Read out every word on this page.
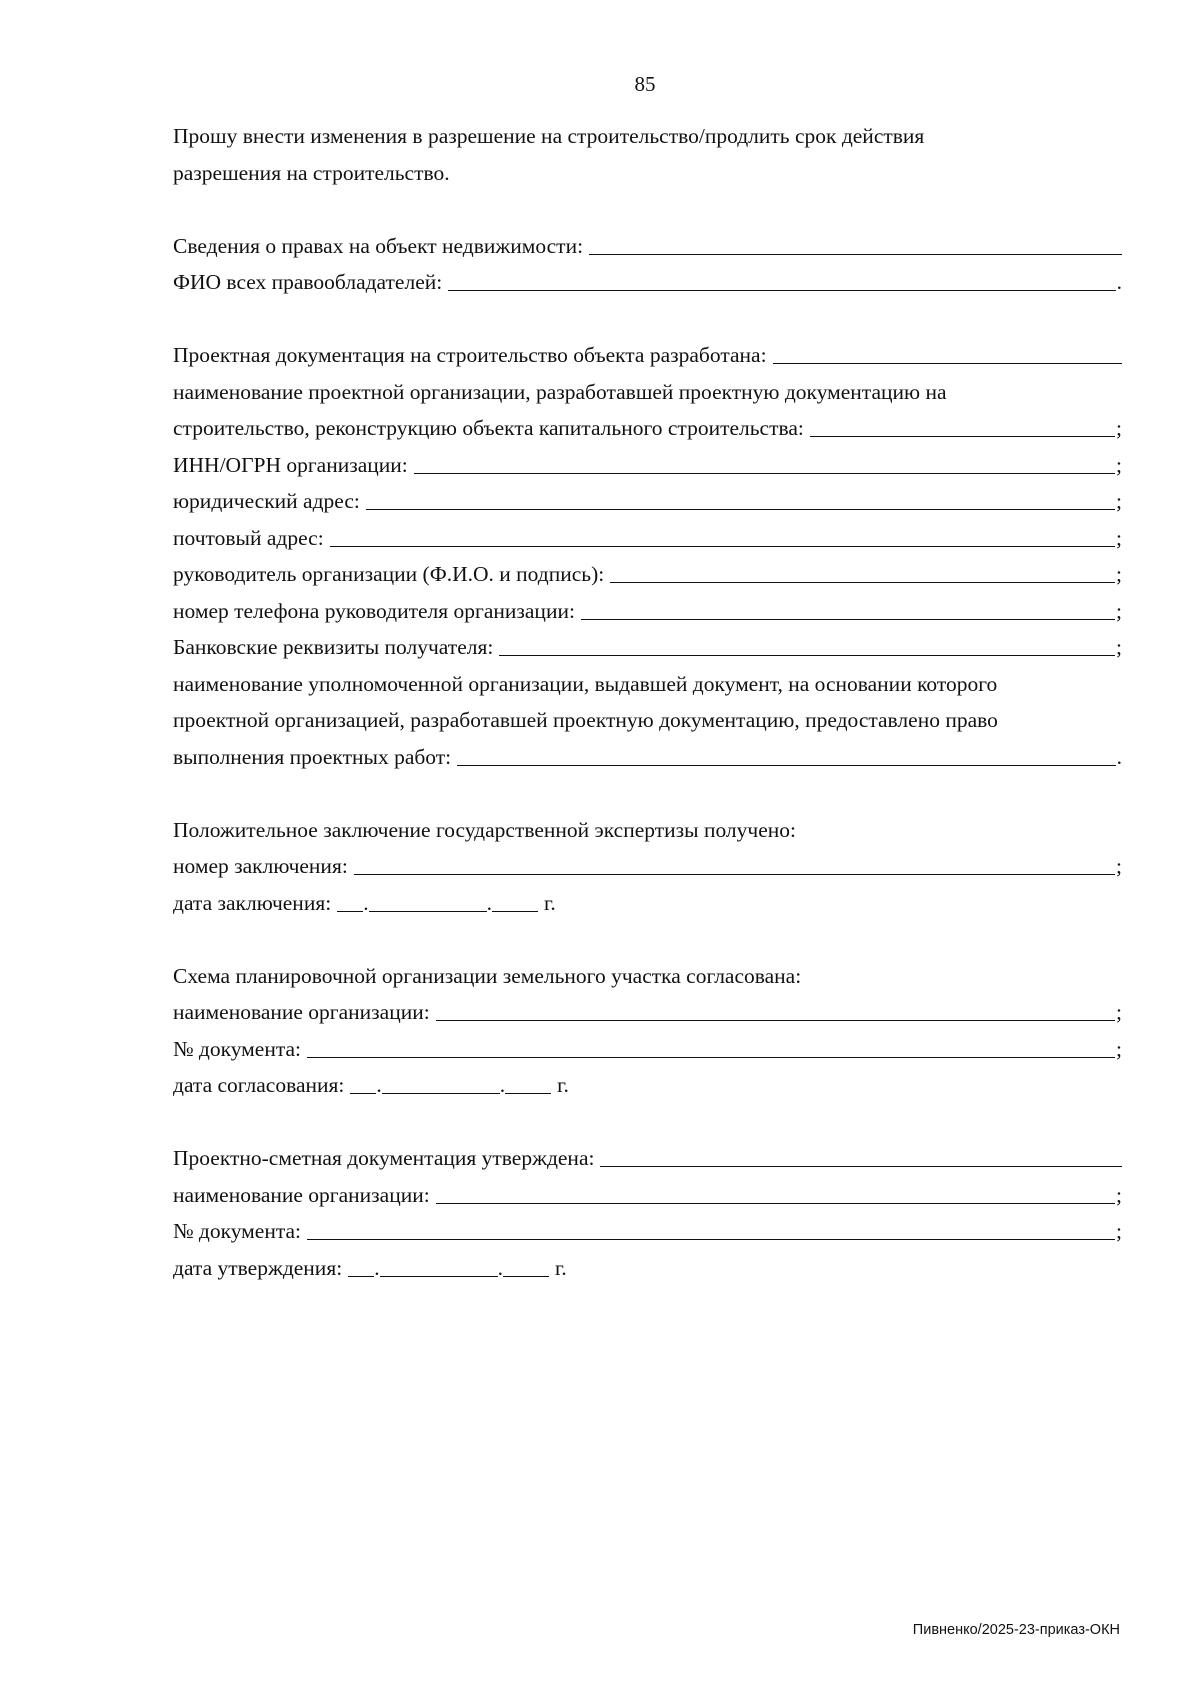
85
Прошу внести изменения в разрешение на строительство/продлить срок действия
разрешения на строительство.
Сведения о правах на объект недвижимости:
ФИО всех правообладателей:	.
Проектная документация на строительство объекта разработана:
наименование проектной организации, разработавшей проектную документацию на
строительство, реконструкцию объекта капитального строительства:	;
ИНН/ОГРН организации:	;
юридический адрес:	;
почтовый адрес:	;
руководитель организации (Ф.И.О. и подпись):	;
номер телефона руководителя организации:	;
Банковские реквизиты получателя:	;
наименование уполномоченной организации, выдавшей документ, на основании которого
проектной организацией, разработавшей проектную документацию, предоставлено право
выполнения проектных работ:	.
Положительное заключение государственной экспертизы получено:
номер заключения:	;
дата заключения: .	. г.
Схема планировочной организации земельного участка согласована:
наименование организации:	;
№ документа:	;
дата согласования: .	. г.
Проектно-сметная документация утверждена:
наименование организации:	;
№ документа:	;
дата утверждения: .	. г.
Пивненко/2025-23-приказ-ОКН
